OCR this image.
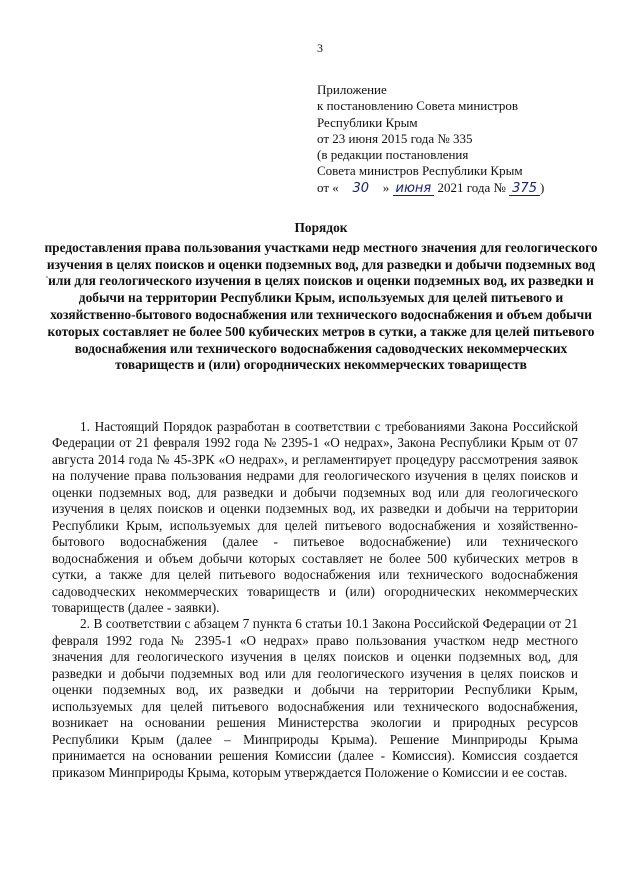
3
Приложение
к постановлению Совета министров
Республики Крым
от 23 июня 2015 года № 335
(в редакции постановления
Совета министров Республики Крым
от « 30 » июня 2021 года № 375 )
Порядок
предоставления права пользования участками недр местного значения для геологического изучения в целях поисков и оценки подземных вод, для разведки и добычи подземных вод или для геологического изучения в целях поисков и оценки подземных вод, их разведки и добычи на территории Республики Крым, используемых для целей питьевого и хозяйственно-бытового водоснабжения или технического водоснабжения и объем добычи которых составляет не более 500 кубических метров в сутки, а также для целей питьевого водоснабжения или технического водоснабжения садоводческих некоммерческих товариществ и (или) огороднических некоммерческих товариществ

1. Настоящий Порядок разработан в соответствии с требованиями Закона Российской Федерации от 21 февраля 1992 года № 2395-1 «О недрах», Закона Республики Крым от 07 августа 2014 года № 45-ЗРК «О недрах», и регламентирует процедуру рассмотрения заявок на получение права пользования недрами для геологического изучения в целях поисков и оценки подземных вод, для разведки и добычи подземных вод или для геологического изучения в целях поисков и оценки подземных вод, их разведки и добычи на территории Республики Крым, используемых для целей питьевого водоснабжения и хозяйственно-бытового водоснабжения (далее - питьевое водоснабжение) или технического водоснабжения и объем добычи которых составляет не более 500 кубических метров в сутки, а также для целей питьевого водоснабжения или технического водоснабжения садоводческих некоммерческих товариществ и (или) огороднических некоммерческих товариществ (далее - заявки).

2. В соответствии с абзацем 7 пункта 6 статьи 10.1 Закона Российской Федерации от 21 февраля 1992 года № 2395-1 «О недрах» право пользования участком недр местного значения для геологического изучения в целях поисков и оценки подземных вод, для разведки и добычи подземных вод или для геологического изучения в целях поисков и оценки подземных вод, их разведки и добычи на территории Республики Крым, используемых для целей питьевого водоснабжения или технического водоснабжения, возникает на основании решения Министерства экологии и природных ресурсов Республики Крым (далее – Минприроды Крыма). Решение Минприроды Крыма принимается на основании решения Комиссии (далее - Комиссия). Комиссия создается приказом Минприроды Крыма, которым утверждается Положение о Комиссии и ее состав.
